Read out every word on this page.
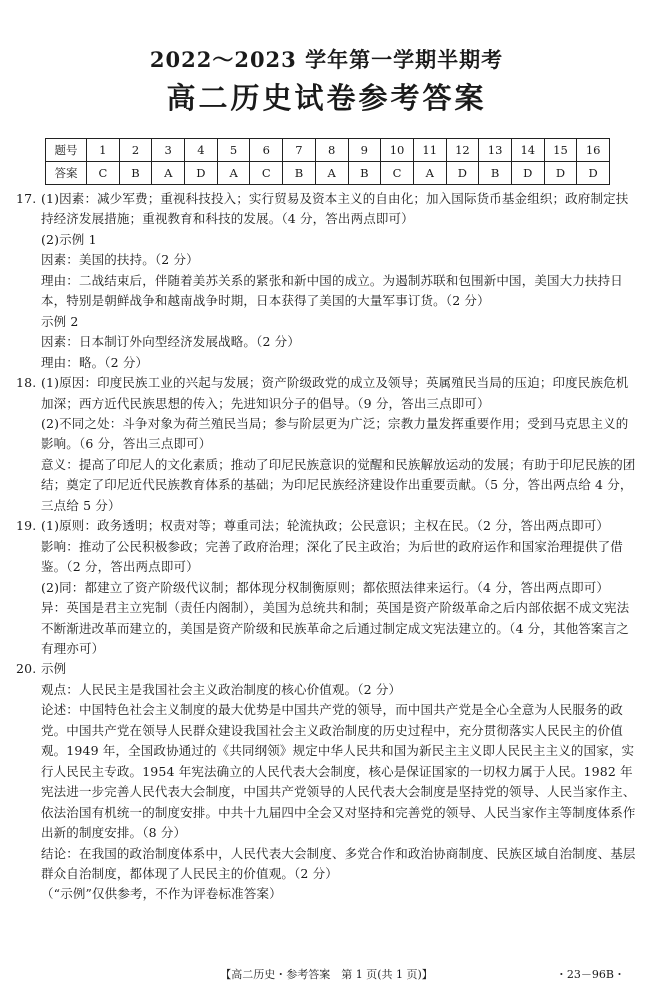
2022～2023 学年第一学期半期考
高二历史试卷参考答案
题号	1	2	3	4	5	6	7	8	9	10	11	12	13	14	15	16
答案	C	B	A	D	A	C	B	A	B	C	A	D	B	D	D	D
17. (1)因素：减少军费；重视科技投入；实行贸易及资本主义的自由化；加入国际货币基金组织；政府制定扶持经济发展措施；重视教育和科技的发展。（4 分，答出两点即可）
(2)示例 1
因素：美国的扶持。（2 分）
理由：二战结束后，伴随着美苏关系的紧张和新中国的成立。为遏制苏联和包围新中国，美国大力扶持日本，特别是朝鲜战争和越南战争时期，日本获得了美国的大量军事订货。（2 分）
示例 2
因素：日本制订外向型经济发展战略。（2 分）
理由：略。（2 分）
18. (1)原因：印度民族工业的兴起与发展；资产阶级政党的成立及领导；英属殖民当局的压迫；印度民族危机加深；西方近代民族思想的传入；先进知识分子的倡导。（9 分，答出三点即可）
(2)不同之处：斗争对象为荷兰殖民当局；参与阶层更为广泛；宗教力量发挥重要作用；受到马克思主义的影响。（6 分，答出三点即可）
意义：提高了印尼人的文化素质；推动了印尼民族意识的觉醒和民族解放运动的发展；有助于印尼民族的团结；奠定了印尼近代民族教育体系的基础；为印尼民族经济建设作出重要贡献。（5 分，答出两点给 4 分，三点给 5 分）
19. (1)原则：政务透明；权责对等；尊重司法；轮流执政；公民意识；主权在民。（2 分，答出两点即可）
影响：推动了公民积极参政；完善了政府治理；深化了民主政治；为后世的政府运作和国家治理提供了借鉴。（2 分，答出两点即可）
(2)同：都建立了资产阶级代议制；都体现分权制衡原则；都依照法律来运行。（4 分，答出两点即可）
异：英国是君主立宪制（责任内阁制），美国为总统共和制；英国是资产阶级革命之后内部依据不成文宪法不断渐进改革而建立的，美国是资产阶级和民族革命之后通过制定成文宪法建立的。（4 分，其他答案言之有理亦可）
20. 示例
观点：人民民主是我国社会主义政治制度的核心价值观。（2 分）
论述：中国特色社会主义制度的最大优势是中国共产党的领导，而中国共产党是全心全意为人民服务的政党。中国共产党在领导人民群众建设我国社会主义政治制度的历史过程中，充分贯彻落实人民民主的价值观。1949 年，全国政协通过的《共同纲领》规定中华人民共和国为新民主主义即人民民主主义的国家，实行人民民主专政。1954 年宪法确立的人民代表大会制度，核心是保证国家的一切权力属于人民。1982 年宪法进一步完善人民代表大会制度，中国共产党领导的人民代表大会制度是坚持党的领导、人民当家作主、依法治国有机统一的制度安排。中共十九届四中全会又对坚持和完善党的领导、人民当家作主等制度体系作出新的制度安排。（8 分）
结论：在我国的政治制度体系中，人民代表大会制度、多党合作和政治协商制度、民族区域自治制度、基层群众自治制度，都体现了人民民主的价值观。（2 分）
（“示例”仅供参考，不作为评卷标准答案）
【高二历史・参考答案　第 1 页(共 1 页)】	・23－96B・
